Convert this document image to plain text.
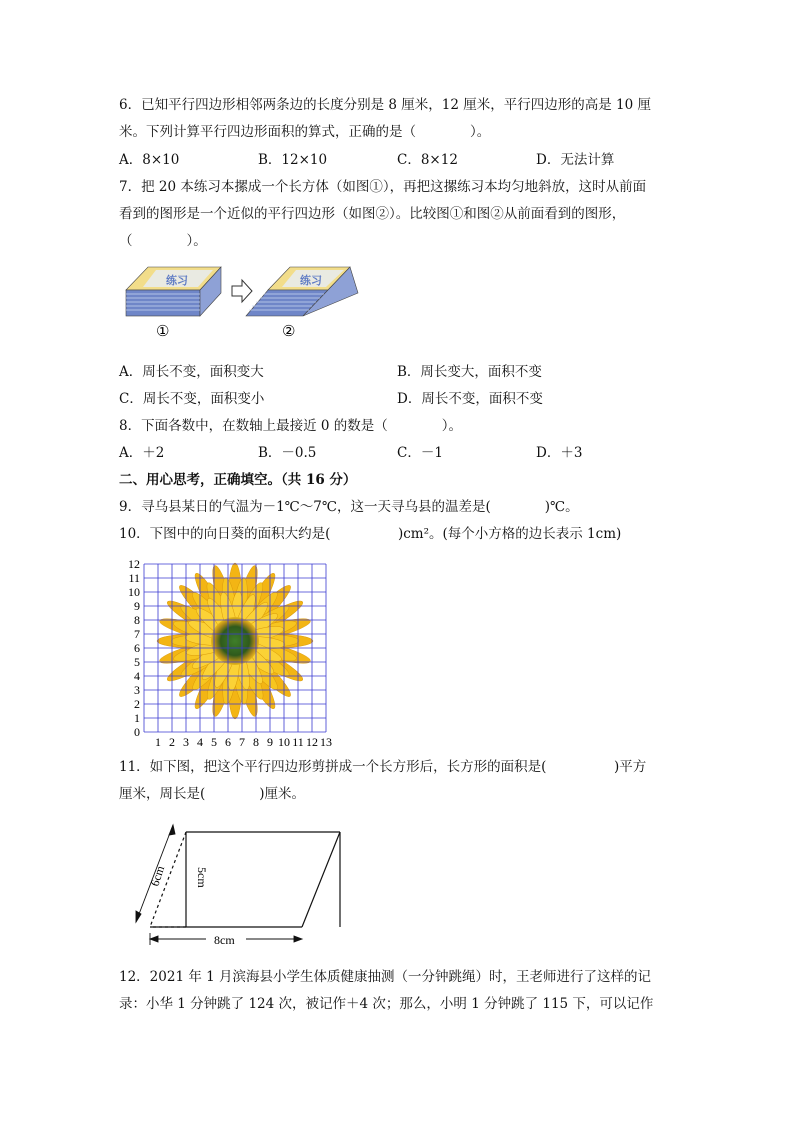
6．已知平行四边形相邻两条边的长度分别是 8 厘米，12 厘米，平行四边形的高是 10 厘
米。下列计算平行四边形面积的算式，正确的是（　　　　）。
A．8×10	B．12×10	C．8×12	D．无法计算
7．把 20 本练习本摞成一个长方体（如图①），再把这摞练习本均匀地斜放，这时从前面
看到的图形是一个近似的平行四边形（如图②）。比较图①和图②从前面看到的图形，
（　　　　）。
练习	练习
①	②
A．周长不变，面积变大	B．周长变大，面积不变
C．周长不变，面积变小	D．周长不变，面积不变
8．下面各数中，在数轴上最接近 0 的数是（　　　　）。
A．＋2	B．－0.5	C．－1	D．＋3
二、用心思考，正确填空。（共 16 分）
9．寻乌县某日的气温为－1℃～7℃，这一天寻乌县的温差是(　　　　)℃。
10．下图中的向日葵的面积大约是(　　　　　)cm²。(每个小方格的边长表示 1cm)
12
11
10
9
8
7
6
5
4
3
2
1
0
1 2 3 4 5 6 7 8 9 10 11 12 13
11．如下图，把这个平行四边形剪拼成一个长方形后，长方形的面积是(　　　　　)平方
厘米，周长是(　　　　)厘米。
6cm 5cm
8cm
12．2021 年 1 月滨海县小学生体质健康抽测（一分钟跳绳）时，王老师进行了这样的记
录：小华 1 分钟跳了 124 次，被记作＋4 次；那么，小明 1 分钟跳了 115 下，可以记作
